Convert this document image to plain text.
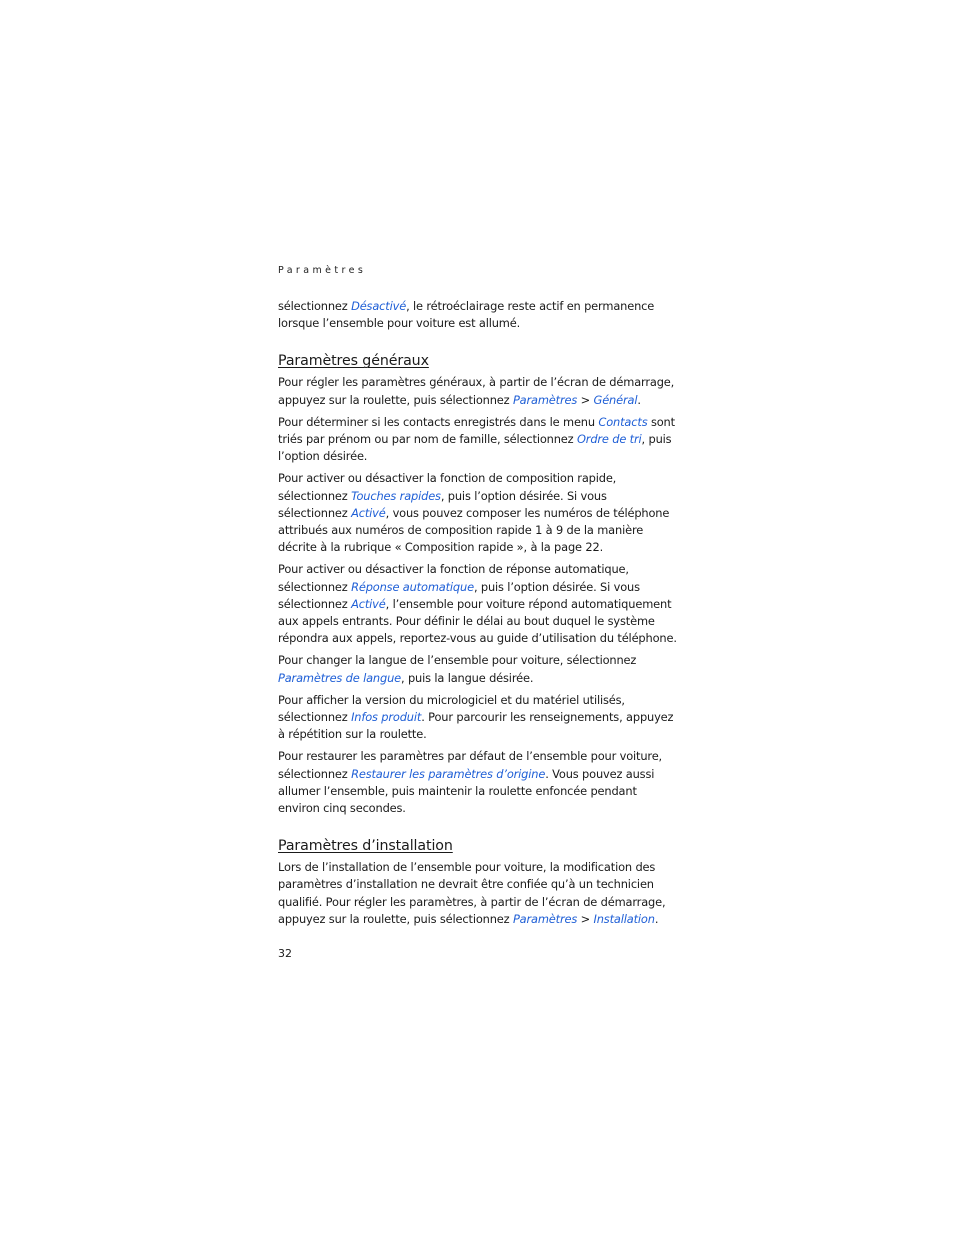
Paramètres

sélectionnez Désactivé, le rétroéclairage reste actif en permanence lorsque l’ensemble pour voiture est allumé.

Paramètres généraux

Pour régler les paramètres généraux, à partir de l’écran de démarrage, appuyez sur la roulette, puis sélectionnez Paramètres > Général.

Pour déterminer si les contacts enregistrés dans le menu Contacts sont triés par prénom ou par nom de famille, sélectionnez Ordre de tri, puis l’option désirée.

Pour activer ou désactiver la fonction de composition rapide, sélectionnez Touches rapides, puis l’option désirée. Si vous sélectionnez Activé, vous pouvez composer les numéros de téléphone attribués aux numéros de composition rapide 1 à 9 de la manière décrite à la rubrique « Composition rapide », à la page 22.

Pour activer ou désactiver la fonction de réponse automatique, sélectionnez Réponse automatique, puis l’option désirée. Si vous sélectionnez Activé, l’ensemble pour voiture répond automatiquement aux appels entrants. Pour définir le délai au bout duquel le système répondra aux appels, reportez-vous au guide d’utilisation du téléphone.

Pour changer la langue de l’ensemble pour voiture, sélectionnez Paramètres de langue, puis la langue désirée.

Pour afficher la version du micrologiciel et du matériel utilisés, sélectionnez Infos produit. Pour parcourir les renseignements, appuyez à répétition sur la roulette.

Pour restaurer les paramètres par défaut de l’ensemble pour voiture, sélectionnez Restaurer les paramètres d’origine. Vous pouvez aussi allumer l’ensemble, puis maintenir la roulette enfoncée pendant environ cinq secondes.

Paramètres d’installation

Lors de l’installation de l’ensemble pour voiture, la modification des paramètres d’installation ne devrait être confiée qu’à un technicien qualifié. Pour régler les paramètres, à partir de l’écran de démarrage, appuyez sur la roulette, puis sélectionnez Paramètres > Installation.

32
